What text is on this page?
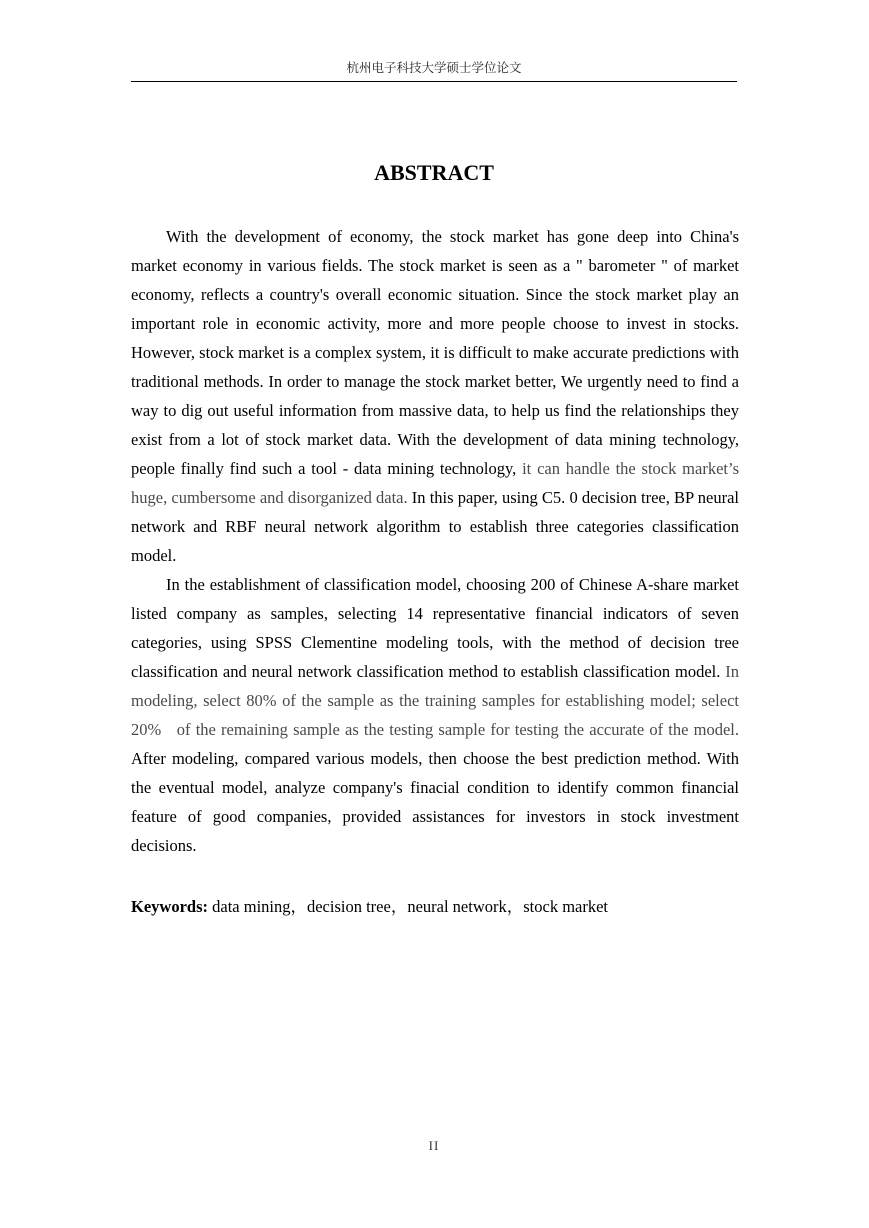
杭州电子科技大学硕士学位论文
ABSTRACT

With the development of economy, the stock market has gone deep into China's market economy in various fields. The stock market is seen as a " barometer " of market economy, reflects a country's overall economic situation. Since the stock market play an important role in economic activity, more and more people choose to invest in stocks. However, stock market is a complex system, it is difficult to make accurate predictions with traditional methods. In order to manage the stock market better, We urgently need to find a way to dig out useful information from massive data, to help us find the relationships they exist from a lot of stock market data. With the development of data mining technology, people finally find such a tool - data mining technology, it can handle the stock market’s huge, cumbersome and disorganized data. In this paper, using C5. 0 decision tree, BP neural network and RBF neural network algorithm to establish three categories classification model.

In the establishment of classification model, choosing 200 of Chinese A-share market listed company as samples, selecting 14 representative financial indicators of seven categories, using SPSS Clementine modeling tools, with the method of decision tree classification and neural network classification method to establish classification model. In modeling, select 80% of the sample as the training samples for establishing model; select 20%   of the remaining sample as the testing sample for testing the accurate of the model. After modeling, compared various models, then choose the best prediction method. With the eventual model, analyze company's finacial condition to identify common financial feature of good companies, provided assistances for investors in stock investment decisions.

Keywords: data mining，decision tree，neural network，stock market
II
